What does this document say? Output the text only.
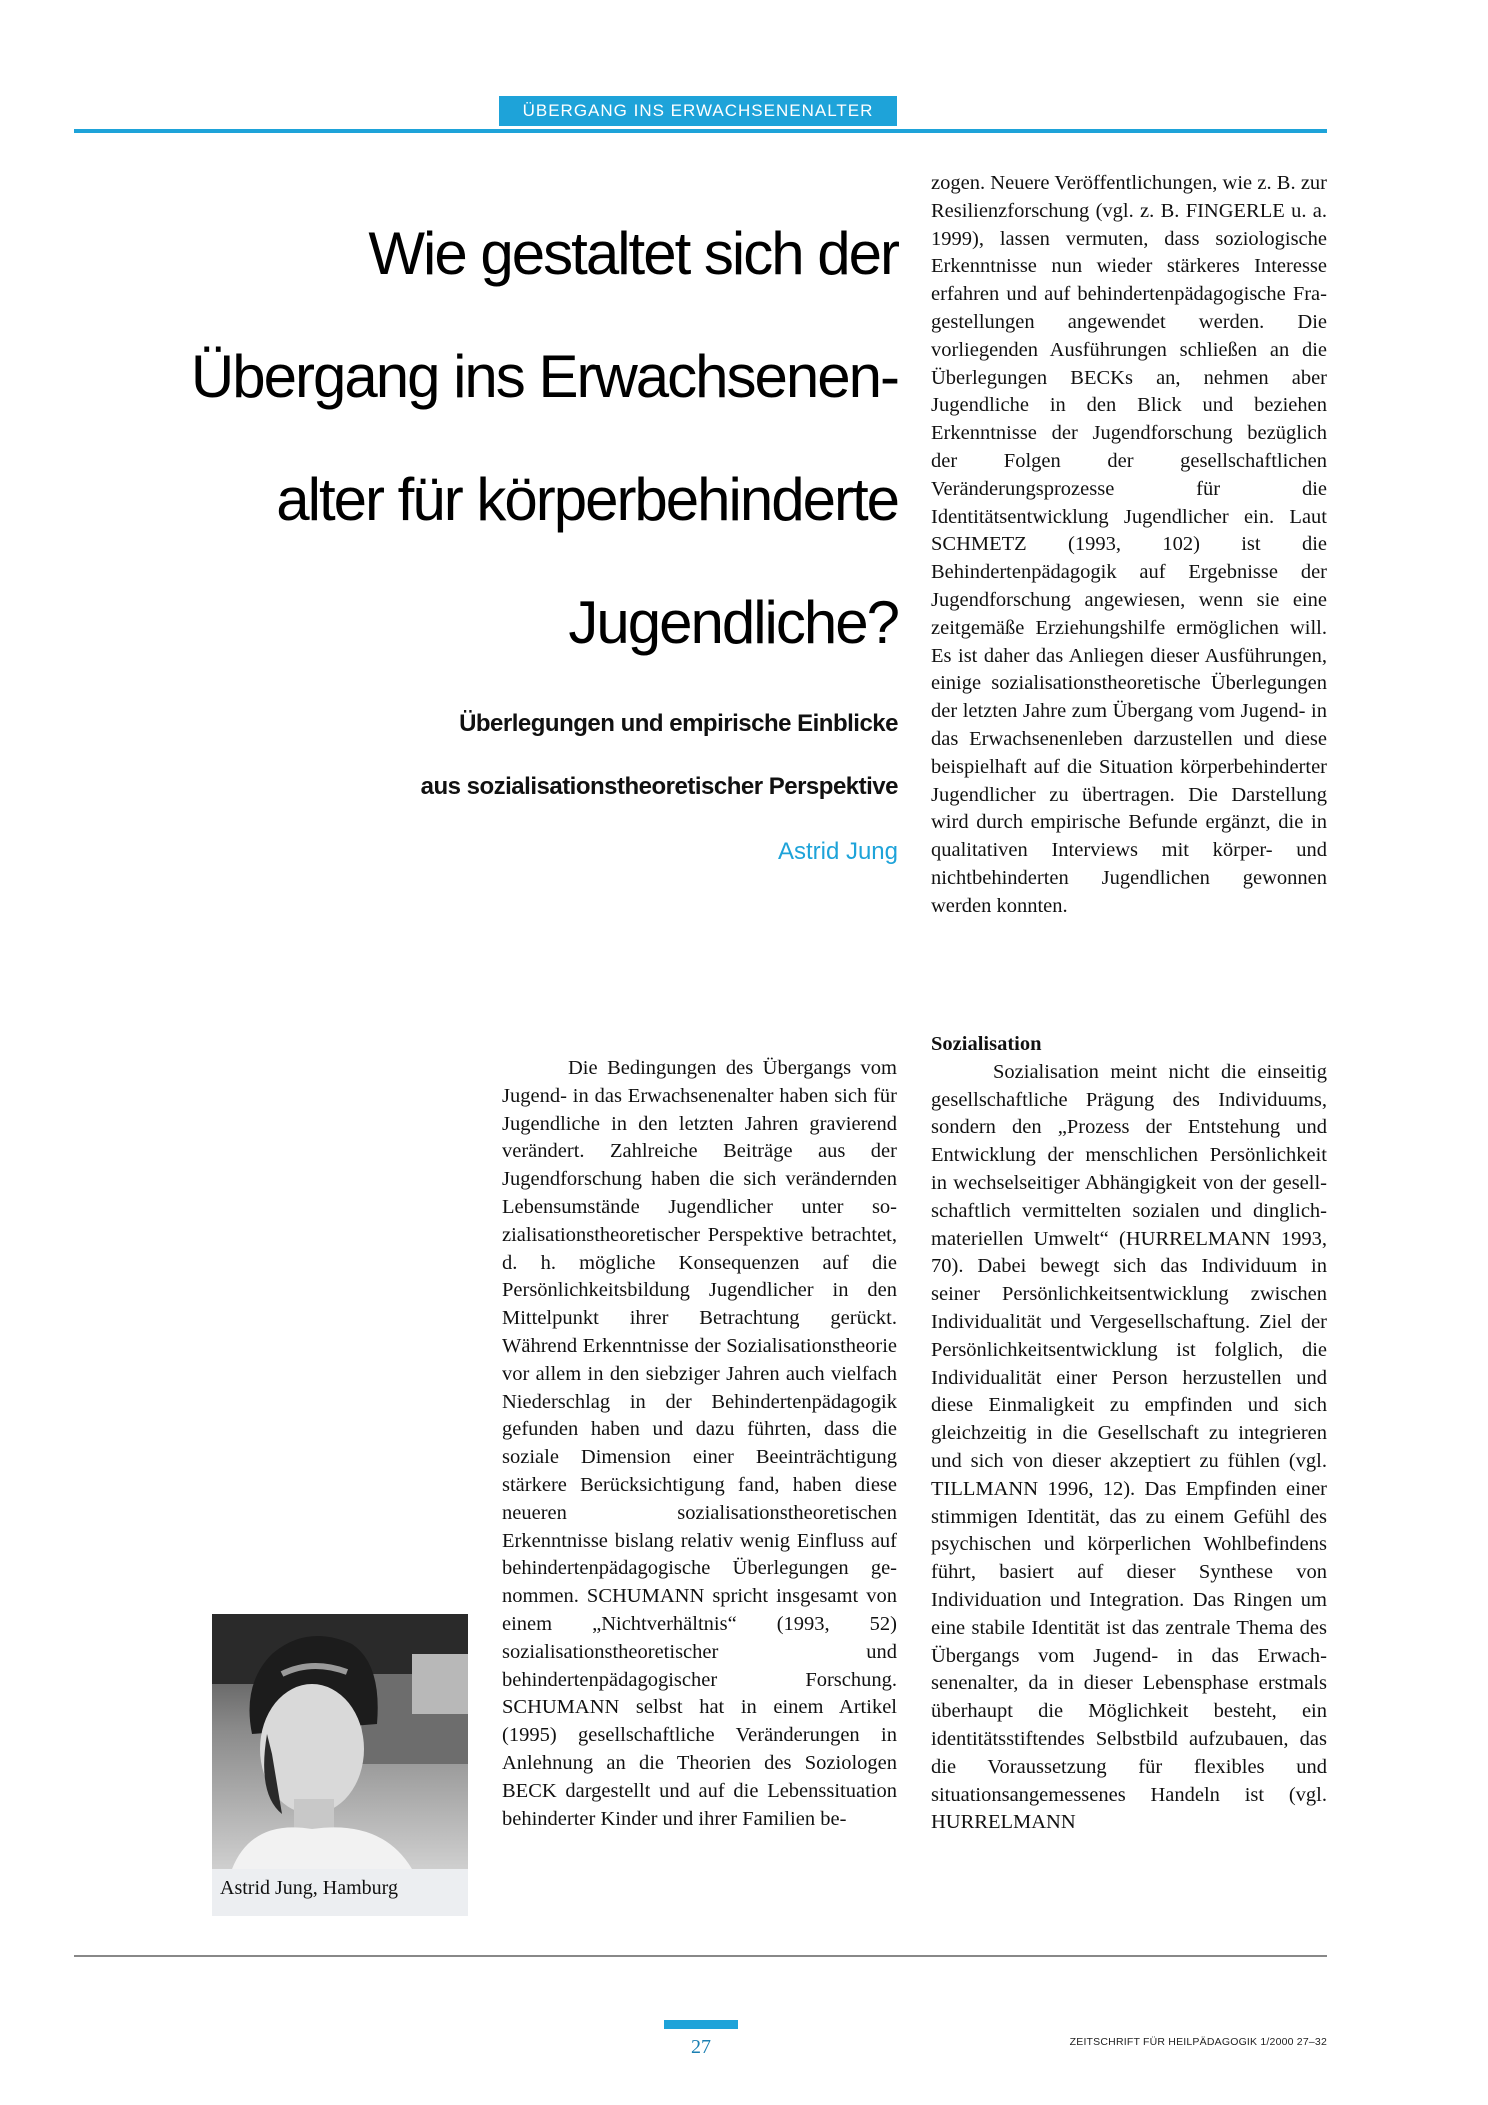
ÜBERGANG INS ERWACHSENENALTER
Wie gestaltet sich der
Übergang ins Erwachsenen-
alter für körperbehinderte
Jugendliche?
Überlegungen und empirische Einblicke
aus sozialisationstheoretischer Perspektive
Astrid Jung

zogen. Neuere Veröffentlichungen, wie z. B. zur Resilienzforschung (vgl. z. B. FINGERLE u. a. 1999), lassen vermuten, dass soziologische Erkenntnisse nun wieder stärkeres Interesse erfahren und auf behindertenpädagogische Fragestellungen angewendet werden. Die vorliegenden Ausführungen schließen an die Überlegungen BECKs an, nehmen aber Jugendliche in den Blick und beziehen Erkenntnisse der Jugendforschung bezüglich der Folgen der gesellschaftlichen Veränderungsprozesse für die Identitätsentwicklung Jugendlicher ein. Laut SCHMETZ (1993, 102) ist die Behindertenpädagogik auf Ergebnisse der Jugendforschung angewiesen, wenn sie eine zeitgemäße Erziehungshilfe ermöglichen will. Es ist daher das Anliegen dieser Ausführungen, einige sozialisationstheoretische Überlegungen der letzten Jahre zum Übergang vom Jugend- in das Erwachsenenleben darzustellen und diese beispielhaft auf die Situation körperbehinderter Jugendlicher zu übertragen. Die Darstellung wird durch empirische Befunde ergänzt, die in qualitativen Interviews mit körper- und nichtbehinderten Jugendlichen gewonnen werden konnten.

Die Bedingungen des Übergangs vom Jugend- in das Erwachsenenalter haben sich für Jugendliche in den letzten Jahren gravierend verändert. Zahlreiche Beiträge aus der Jugendforschung haben die sich verändernden Lebensumstände Jugendlicher unter sozialisationstheoretischer Perspektive betrachtet, d. h. mögliche Konsequenzen auf die Persönlichkeitsbildung Jugendlicher in den Mittelpunkt ihrer Betrachtung gerückt. Während Erkenntnisse der Sozialisationstheorie vor allem in den siebziger Jahren auch vielfach Niederschlag in der Behindertenpädagogik gefunden haben und dazu führten, dass die soziale Dimension einer Beeinträchtigung stärkere Berücksichtigung fand, haben diese neueren sozialisationstheoretischen Erkenntnisse bislang relativ wenig Einfluss auf behindertenpädagogische Überlegungen genommen. SCHUMANN spricht insgesamt von einem „Nichtverhältnis“ (1993, 52) sozialisationstheoretischer und behindertenpädagogischer Forschung. SCHUMANN selbst hat in einem Artikel (1995) gesellschaftliche Veränderungen in Anlehnung an die Theorien des Soziologen BECK dargestellt und auf die Lebenssituation behinderter Kinder und ihrer Familien be-

Sozialisation

Sozialisation meint nicht die einseitig gesellschaftliche Prägung des Individuums, sondern den „Prozess der Entstehung und Entwicklung der menschlichen Persönlichkeit in wechselseitiger Abhängigkeit von der gesellschaftlich vermittelten sozialen und dinglich-materiellen Umwelt“ (HURRELMANN 1993, 70). Dabei bewegt sich das Individuum in seiner Persönlichkeitsentwicklung zwischen Individualität und Vergesellschaftung. Ziel der Persönlichkeitsentwicklung ist folglich, die Individualität einer Person herzustellen und diese Einmaligkeit zu empfinden und sich gleichzeitig in die Gesellschaft zu integrieren und sich von dieser akzeptiert zu fühlen (vgl. TILLMANN 1996, 12). Das Empfinden einer stimmigen Identität, das zu einem Gefühl des psychischen und körperlichen Wohlbefindens führt, basiert auf dieser Synthese von Individuation und Integration. Das Ringen um eine stabile Identität ist das zentrale Thema des Übergangs vom Jugend- in das Erwachsenenalter, da in dieser Lebensphase erstmals überhaupt die Möglichkeit besteht, ein identitätsstiftendes Selbstbild aufzubauen, das die Voraussetzung für flexibles und situationsangemessenes Handeln ist (vgl. HURRELMANN

Astrid Jung, Hamburg
27	ZEITSCHRIFT FÜR HEILPÄDAGOGIK 1/2000 27–32
